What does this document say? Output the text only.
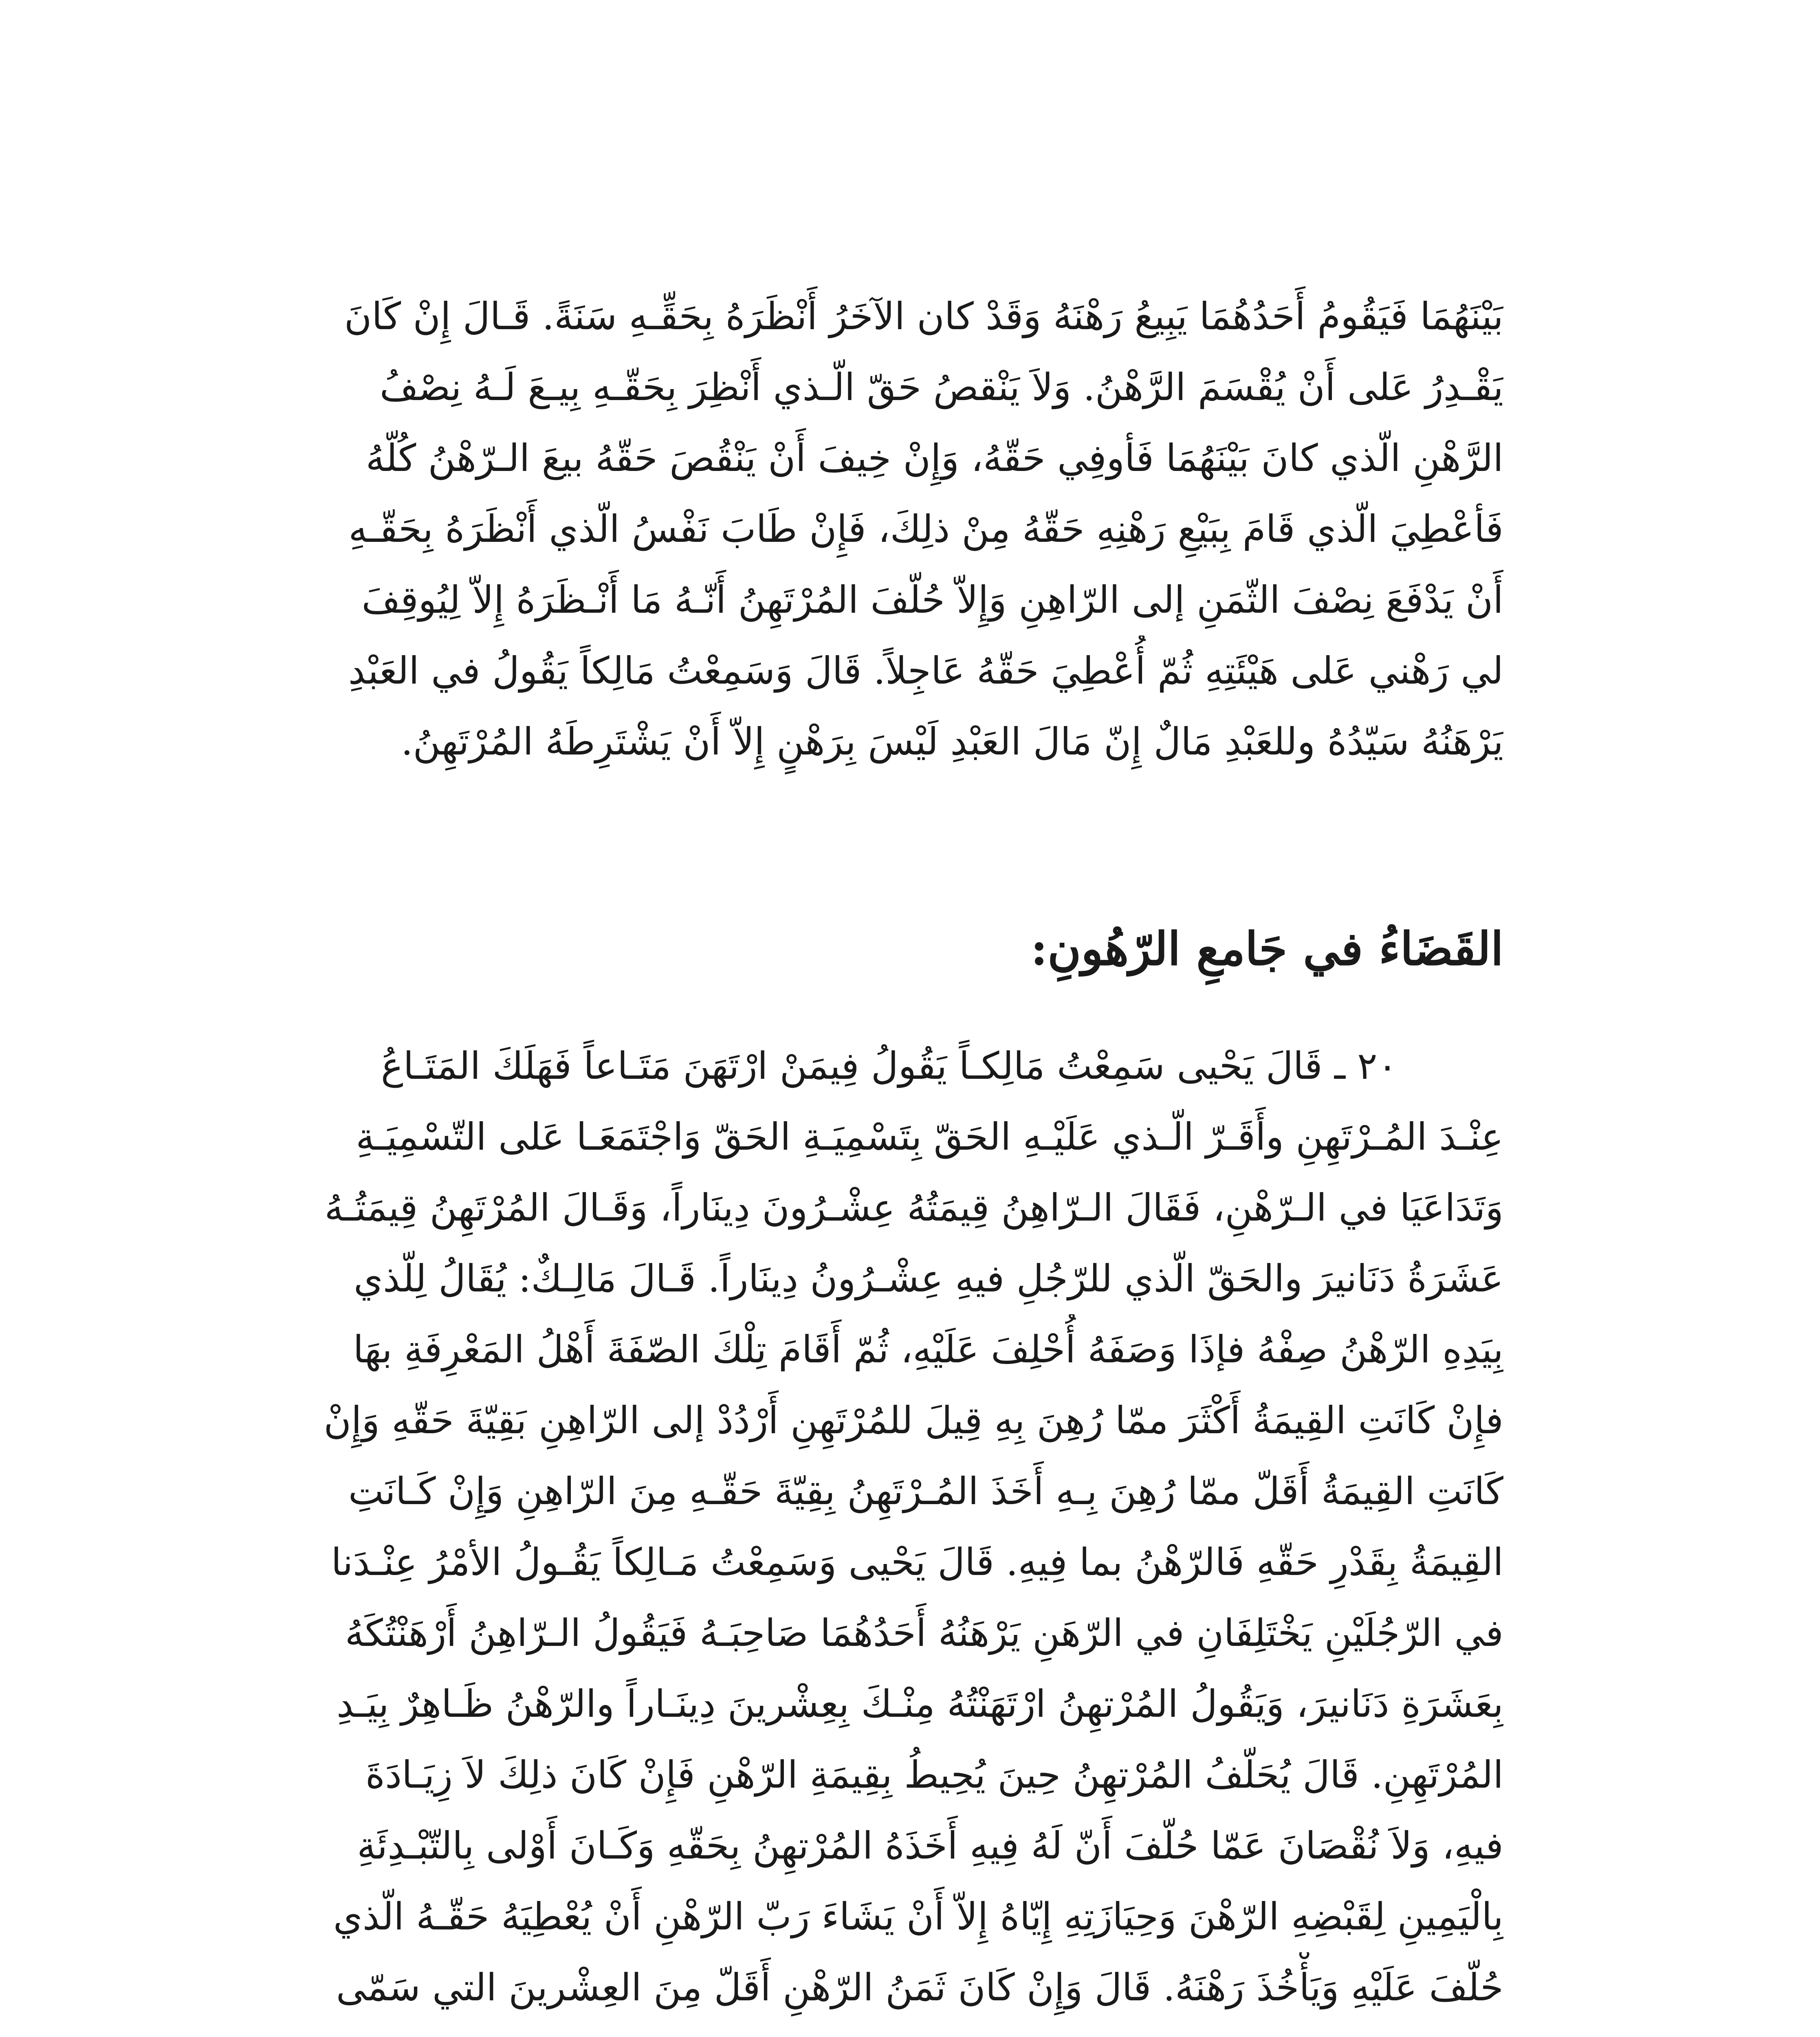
بَيْنَهُمَا فَيَقُومُ أَحَدُهُمَا يَبِيعُ رَهْنَهُ وَقَدْ كان الآخَرُ أَنْظَرَهُ بِحَقِّـهِ سَنَةً. قَـالَ إِنْ كَانَ
يَقْـدِرُ عَلى أَنْ يُقْسَمَ الرَّهْنُ. وَلاَ يَنْقصُ حَقّ الّـذي أَنْظِرَ بِحَقّـهِ بِيـعَ لَـهُ نِصْفُ
الرَّهْنِ الّذي كانَ بَيْنَهُمَا فَأوفِي حَقّهُ، وَإِنْ خِيفَ أَنْ يَنْقُصَ حَقّهُ بيعَ الـرّهْنُ كُلّهُ
فَأعْطِيَ الّذي قَامَ بِبَيْعِ رَهْنِهِ حَقّهُ مِنْ ذلِكَ، فَإِنْ طَابَ نَفْسُ الّذي أَنْظَرَهُ بِحَقّـهِ
أَنْ يَدْفَعَ نِصْفَ الثّمَنِ إلى الرّاهِنِ وَإِلاّ حُلّفَ المُرْتَهِنُ أَنّـهُ مَا أَنْـظَرَهُ إِلاّ لِيُوقِفَ
لي رَهْني عَلى هَيْئَتِهِ ثُمّ أُعْطِيَ حَقّهُ عَاجِلاً. قَالَ وَسَمِعْتُ مَالِكاً يَقُولُ في العَبْدِ
يَرْهَنُهُ سَيّدُهُ وللعَبْدِ مَالٌ إِنّ مَالَ العَبْدِ لَيْسَ بِرَهْنٍ إِلاّ أَنْ يَشْتَرِطَهُ المُرْتَهِنُ.
القَضَاءُ في جَامعِ الرّهُونِ:
٢٠ ـ قَالَ يَحْيى سَمِعْتُ مَالِكـاً يَقُولُ فِيمَنْ ارْتَهَنَ مَتَـاعاً فَهَلَكَ المَتَـاعُ
عِنْـدَ المُـرْتَهِنِ وأَقَـرّ الّـذي عَلَيْـهِ الحَقّ بِتَسْمِيَـةِ الحَقّ وَاجْتَمَعَـا عَلى التّسْمِيَـةِ
وَتَدَاعَيَا في الـرّهْنِ، فَقَالَ الـرّاهِنُ قِيمَتُهُ عِشْـرُونَ دِينَاراً، وَقَـالَ المُرْتَهِنُ قِيمَتُـهُ
عَشَرَةُ دَنَانيرَ والحَقّ الّذي للرّجُلِ فيهِ عِشْـرُونُ دِينَاراً. قَـالَ مَالِـكٌ: يُقَالُ لِلّذي
بِيَدِهِ الرّهْنُ صِفْهُ فإذَا وَصَفَهُ أُحْلِفَ عَلَيْهِ، ثُمّ أَقَامَ تِلْكَ الصّفَةَ أَهْلُ المَعْرِفَةِ بهَا
فإِنْ كَانَتِ القِيمَةُ أَكْثَرَ ممّا رُهِنَ بِهِ قِيلَ للمُرْتَهِنِ أَرْدُدْ إلى الرّاهِنِ بَقِيّةَ حَقّهِ وَإِنْ
كَانَتِ القِيمَةُ أَقَلّ ممّا رُهِنَ بِـهِ أَخَذَ المُـرْتَهِنُ بِقِيّةَ حَقّـهِ مِنَ الرّاهِنِ وَإِنْ كَـانَتِ
القِيمَةُ بِقَدْرِ حَقّهِ فَالرّهْنُ بما فِيهِ. قَالَ يَحْيى وَسَمِعْتُ مَـالِكاً يَقُـولُ الأمْرُ عِنْـدَنا
في الرّجُلَيْنِ يَخْتَلِفَانِ في الرّهَنِ يَرْهَنُهُ أَحَدُهُمَا صَاحِبَـهُ فَيَقُولُ الـرّاهِنُ أَرْهَنْتُكَهُ
بِعَشَرَةِ دَنَانيرَ، وَيَقُولُ المُرْتهِنُ ارْتَهَنْتُهُ مِنْـكَ بِعِشْرينَ دِينَـاراً والرّهْنُ ظَـاهِرٌ بِيَـدِ
المُرْتَهِنِ. قَالَ يُحَلّفُ المُرْتهِنُ حِينَ يُحِيطُ بِقِيمَةِ الرّهْنِ فَإِنْ كَانَ ذلِكَ لاَ زِيَـادَةَ
فيهِ، وَلاَ نُقْصَانَ عَمّا حُلّفَ أَنّ لَهُ فِيهِ أَخَذَهُ المُرْتهِنُ بِحَقّهِ وَكَـانَ أَوْلى بِالتّبْـدِئَةِ
بِالْيَمِينِ لِقَبْضِهِ الرّهْنَ وَحِيَازَتِهِ إِيّاهُ إِلاّ أَنْ يَشَاءَ رَبّ الرّهْنِ أَنْ يُعْطِيَهُ حَقّـهُ الّذي
حُلّفَ عَلَيْهِ وَيَأْخُذَ رَهْنَهُ. قَالَ وَإِنْ كَانَ ثَمَنُ الرّهْنِ أَقَلّ مِنَ العِشْرينَ التي سَمّى
